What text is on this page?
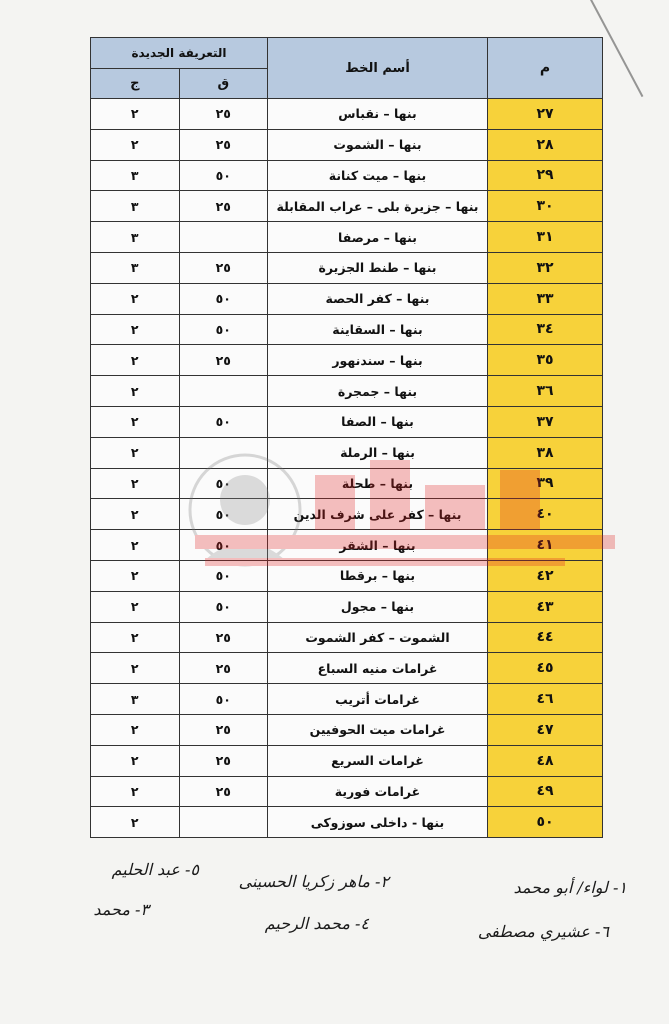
م	أسم الخط	التعريفة الجديدة	
		ق	ج
٢٧	بنها – نقباس	٢٥	٢
٢٨	بنها – الشموت	٢٥	٢
٢٩	بنها – ميت كنانة	٥٠	٣
٣٠	بنها – جزيرة بلى – عراب المقابلة	٢٥	٣
٣١	بنها – مرصفا		٣
٣٢	بنها – طنط الجزيرة	٢٥	٣
٣٣	بنها – كفر الحصة	٥٠	٢
٣٤	بنها – السقاينة	٥٠	٢
٣٥	بنها – سندنهور	٢٥	٢
٣٦	بنها – جمجرة		٢
٣٧	بنها – الصفا	٥٠	٢
٣٨	بنها – الرملة		٢
٣٩	بنها – طحلة	٥٠	٢
٤٠	بنها – كفر على شرف الدين	٥٠	٢
٤١	بنها – الشقر	٥٠	٢
٤٢	بنها – برقطا	٥٠	٢
٤٣	بنها – مجول	٥٠	٢
٤٤	الشموت – كفر الشموت	٢٥	٢
٤٥	غرامات منيه السباع	٢٥	٢
٤٦	غرامات أتريب	٥٠	٣
٤٧	غرامات ميت الحوفيين	٢٥	٢
٤٨	غرامات السريع	٢٥	٢
٤٩	غرامات فورية	٢٥	٢
٥٠	بنها - داخلى سوزوكى		٢
١- لواء/ أبو محمد
٢- ماهر زكريا الحسينى
٥- عبد الحليم
٣- محمد
٤- محمد الرحيم	٦- عشيري مصطفى
